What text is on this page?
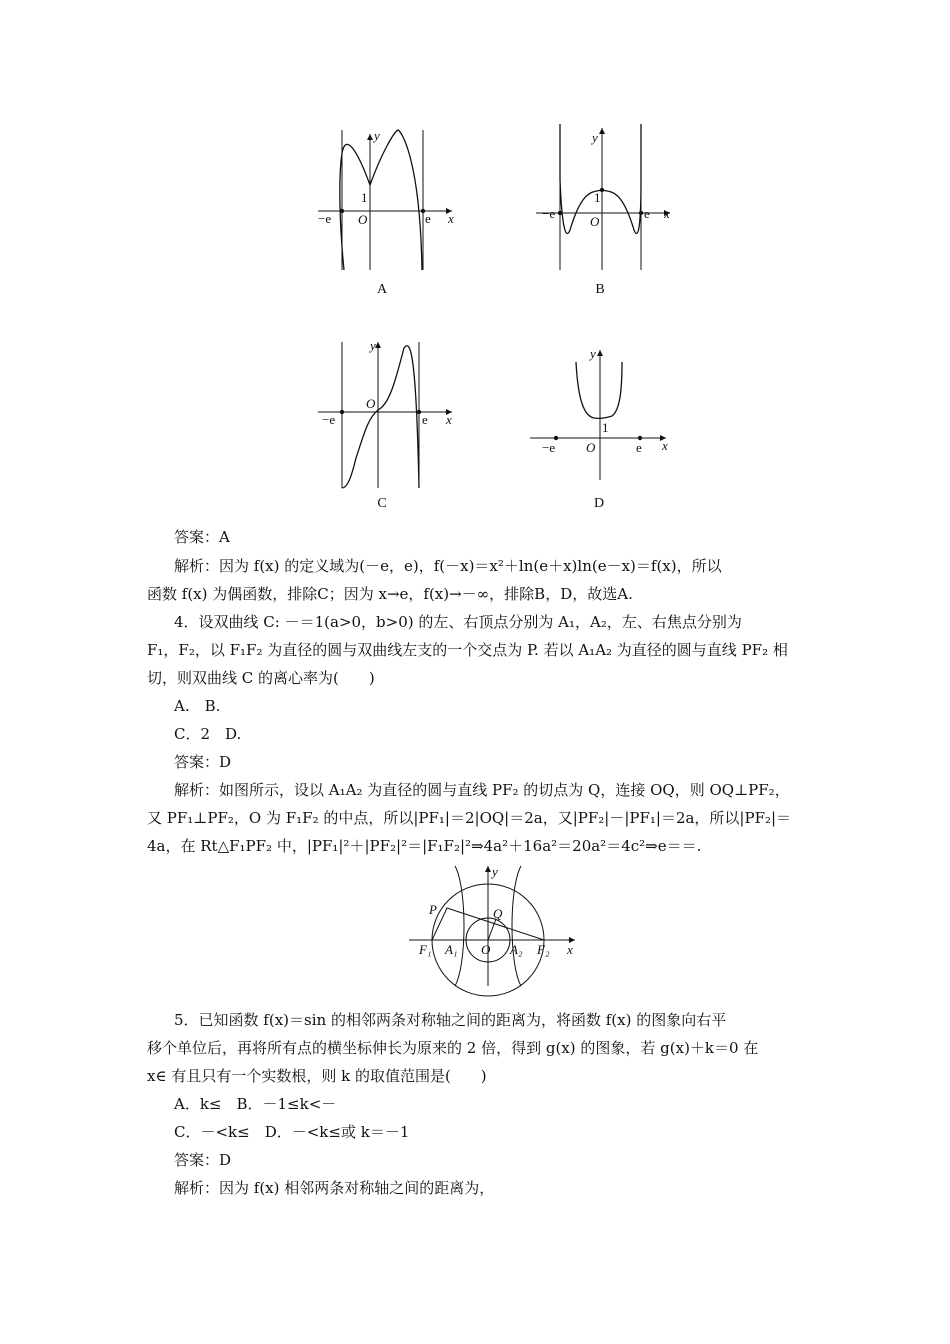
y
x
−e	e
O
1
A
y
x
−e	e
O
1
B
y
x
−e	e
O
C
y
x
−e	e
O
1
D
答案：A
解析：因为 f(x) 的定义域为(－e，e)，f(－x)＝x²＋ln(e＋x)ln(e－x)＝f(x)，所以
函数 f(x) 为偶函数，排除C；因为 x→e，f(x)→－∞，排除B，D，故选A.
4．设双曲线 C: －＝1(a>0，b>0) 的左、右顶点分别为 A₁，A₂，左、右焦点分别为
F₁，F₂，以 F₁F₂ 为直径的圆与双曲线左支的一个交点为 P. 若以 A₁A₂ 为直径的圆与直线 PF₂ 相
切，则双曲线 C 的离心率为(　　)
A.　B.
C．2　D.
答案：D
解析：如图所示，设以 A₁A₂ 为直径的圆与直线 PF₂ 的切点为 Q，连接 OQ，则 OQ⊥PF₂，
又 PF₁⊥PF₂，O 为 F₁F₂ 的中点，所以|PF₁|＝2|OQ|＝2a，又|PF₂|－|PF₁|＝2a，所以|PF₂|＝
4a，在 Rt△F₁PF₂ 中，|PF₁|²＋|PF₂|²＝|F₁F₂|²⇒4a²＋16a²＝20a²＝4c²⇒e＝＝.
y
x
P	Q
F₁ A₁ O A₂ F₂
5．已知函数 f(x)＝sin 的相邻两条对称轴之间的距离为，将函数 f(x) 的图象向右平
移个单位后，再将所有点的横坐标伸长为原来的 2 倍，得到 g(x) 的图象，若 g(x)＋k＝0 在
x∈ 有且只有一个实数根，则 k 的取值范围是(　　)
A．k≤　B．－1≤k<－
C．－<k≤　D．－<k≤或 k＝－1
答案：D
解析：因为 f(x) 相邻两条对称轴之间的距离为，
